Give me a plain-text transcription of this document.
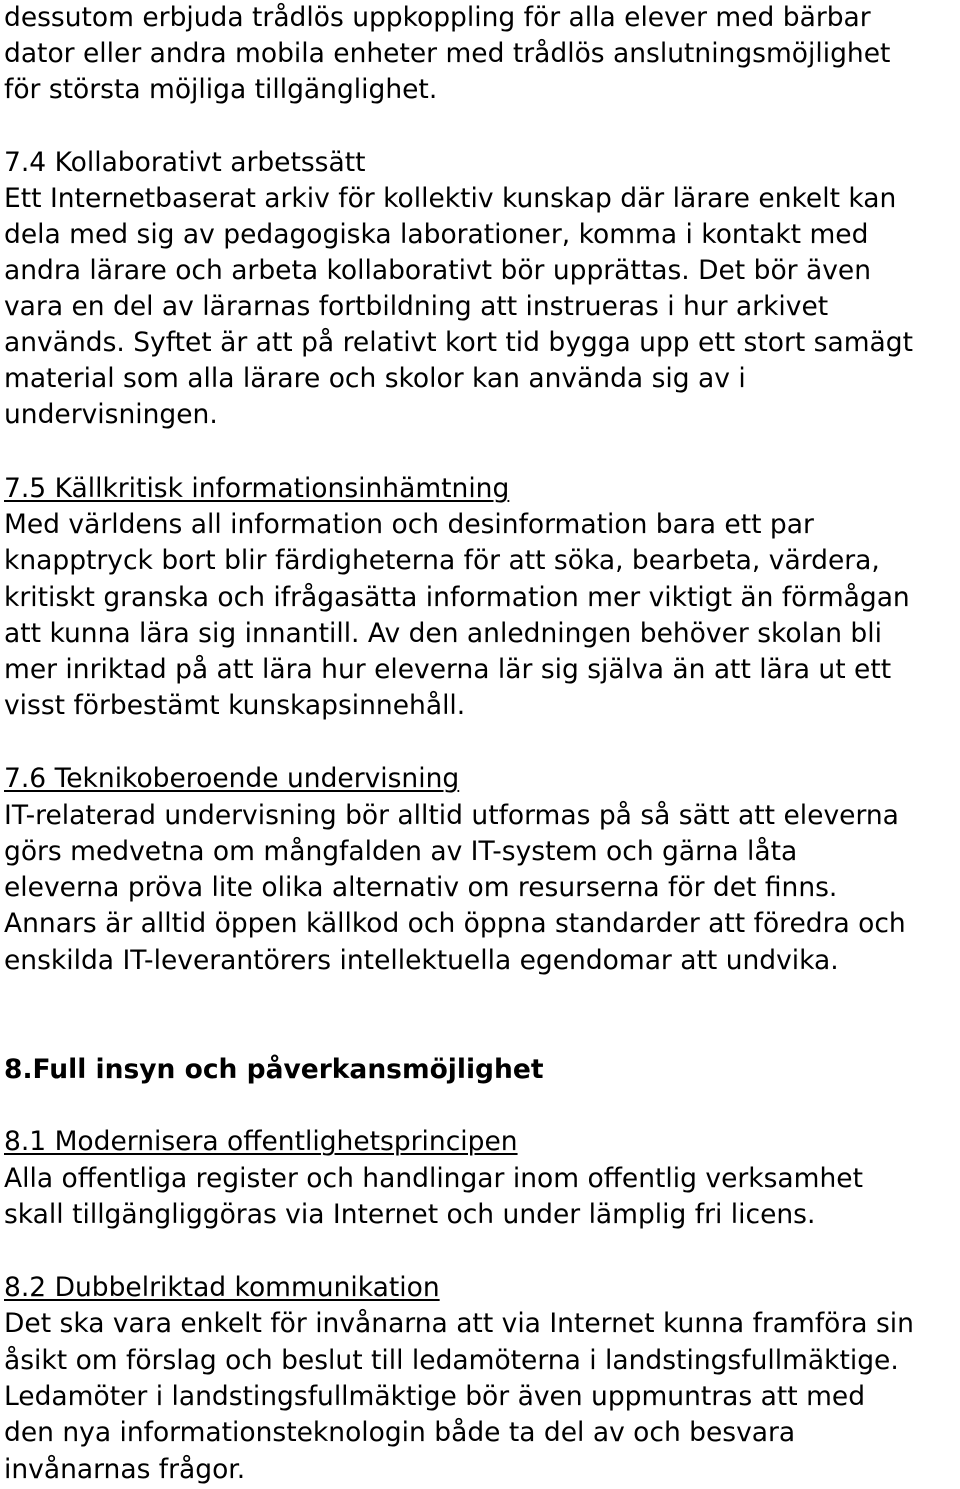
dessutom erbjuda trådlös uppkoppling för alla elever med bärbar
dator eller andra mobila enheter med trådlös anslutningsmöjlighet
för största möjliga tillgänglighet.
7.4 Kollaborativt arbetssätt
Ett Internetbaserat arkiv för kollektiv kunskap där lärare enkelt kan
dela med sig av pedagogiska laborationer, komma i kontakt med
andra lärare och arbeta kollaborativt bör upprättas. Det bör även
vara en del av lärarnas fortbildning att instrueras i hur arkivet
används. Syftet är att på relativt kort tid bygga upp ett stort samägt
material som alla lärare och skolor kan använda sig av i
undervisningen.
7.5 Källkritisk informationsinhämtning
Med världens all information och desinformation bara ett par
knapptryck bort blir färdigheterna för att söka, bearbeta, värdera,
kritiskt granska och ifrågasätta information mer viktigt än förmågan
att kunna lära sig innantill. Av den anledningen behöver skolan bli
mer inriktad på att lära hur eleverna lär sig själva än att lära ut ett
visst förbestämt kunskapsinnehåll.
7.6 Teknikoberoende undervisning
IT-relaterad undervisning bör alltid utformas på så sätt att eleverna
görs medvetna om mångfalden av IT-system och gärna låta
eleverna pröva lite olika alternativ om resurserna för det finns.
Annars är alltid öppen källkod och öppna standarder att föredra och
enskilda IT-leverantörers intellektuella egendomar att undvika.
8.Full insyn och påverkansmöjlighet
8.1 Modernisera offentlighetsprincipen
Alla offentliga register och handlingar inom offentlig verksamhet
skall tillgängliggöras via Internet och under lämplig fri licens.
8.2 Dubbelriktad kommunikation
Det ska vara enkelt för invånarna att via Internet kunna framföra sin
åsikt om förslag och beslut till ledamöterna i landstingsfullmäktige.
Ledamöter i landstingsfullmäktige bör även uppmuntras att med
den nya informationsteknologin både ta del av och besvara
invånarnas frågor.
